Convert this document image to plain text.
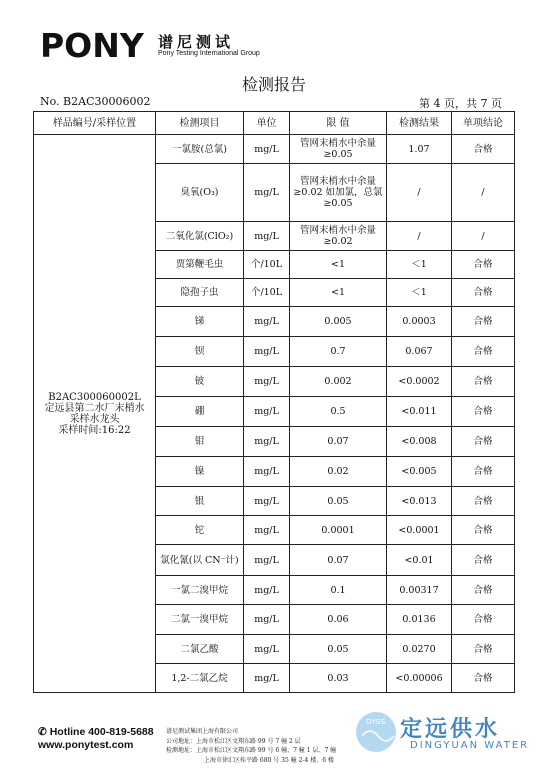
PONY 谱尼测试
Pony Testing International Group
检测报告
No. B2AC30006002	第 4 页，共 7 页
样品编号/采样位置	检测项目	单位	限 值	检测结果	单项结论

B2AC300060002L
定远县第二水厂末梢水
采样水龙头
采样时间:16:22	一氯胺(总氯)	mg/L	管网末梢水中余量≥0.05	1.07	合格
	臭氧(O₃)	mg/L	管网末梢水中余量≥0.02 如加氯，总氯≥0.05	/	/
	二氧化氯(ClO₂)	mg/L	管网末梢水中余量≥0.02	/	/
	贾第鞭毛虫	个/10L	<1	＜1	合格
	隐孢子虫	个/10L	<1	＜1	合格
	锑	mg/L	0.005	0.0003	合格
	钡	mg/L	0.7	0.067	合格
	铍	mg/L	0.002	<0.0002	合格
	硼	mg/L	0.5	<0.011	合格
	钼	mg/L	0.07	<0.008	合格
	镍	mg/L	0.02	<0.005	合格
	银	mg/L	0.05	<0.013	合格
	铊	mg/L	0.0001	<0.0001	合格
	氯化氰(以 CN⁻计)	mg/L	0.07	<0.01	合格
	一氯二溴甲烷	mg/L	0.1	0.00317	合格
	二氯一溴甲烷	mg/L	0.06	0.0136	合格
	二氯乙酸	mg/L	0.05	0.0270	合格
	1,2-二氯乙烷	mg/L	0.03	<0.00006	合格
✆ Hotline 400-819-5688
www.ponytest.com
谱尼测试集团上海有限公司
公司地址：上海市松江区文翔东路 99 号 7 幢 2 层
检测地址：上海市松江区文翔东路 99 号 6 幢、7 幢 1 层、7 幢
上海市徐汇区桂平路 680 号 35 幢 2-4 楼、6 楼
DYGS 定远供水
DINGYUAN WATER
